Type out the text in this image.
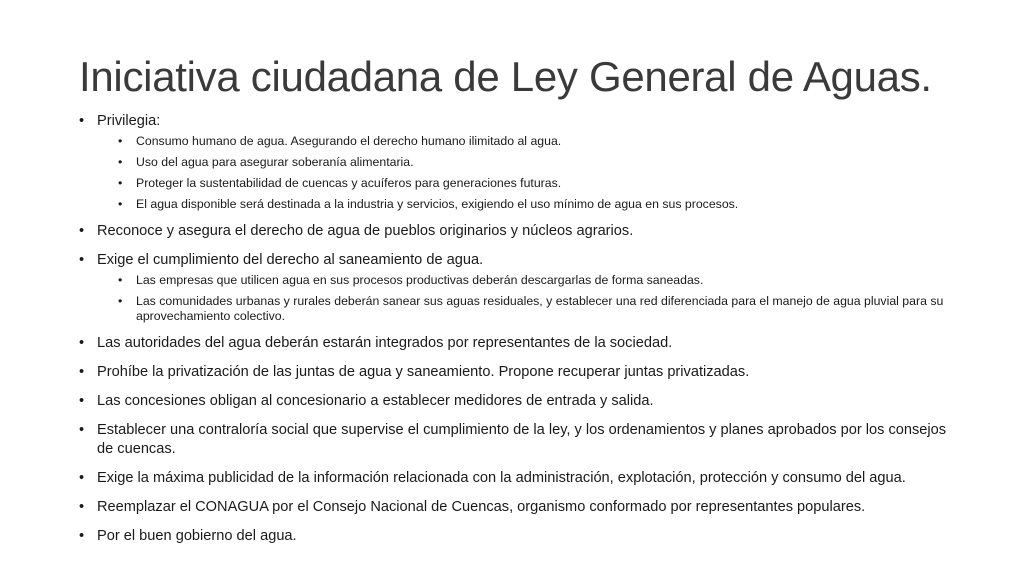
Iniciativa ciudadana de Ley General de Aguas.
• Privilegia:
• Consumo humano de agua. Asegurando el derecho humano ilimitado al agua.
• Uso del agua para asegurar soberanía alimentaria.
• Proteger la sustentabilidad de cuencas y acuíferos para generaciones futuras.
• El agua disponible será destinada a la industria y servicios, exigiendo el uso mínimo de agua en sus procesos.
• Reconoce y asegura el derecho de agua de pueblos originarios y núcleos agrarios.
• Exige el cumplimiento del derecho al saneamiento de agua.
• Las empresas que utilicen agua en sus procesos productivas deberán descargarlas de forma saneadas.
• Las comunidades urbanas y rurales deberán sanear sus aguas residuales, y establecer una red diferenciada para el manejo de agua pluvial para su aprovechamiento colectivo.
• Las autoridades del agua deberán estarán integrados por representantes de la sociedad.
• Prohíbe la privatización de las juntas de agua y saneamiento. Propone recuperar juntas privatizadas.
• Las concesiones obligan al concesionario a establecer medidores de entrada y salida.
• Establecer una contraloría social que supervise el cumplimiento de la ley, y los ordenamientos y planes aprobados por los consejos de cuencas.
• Exige la máxima publicidad de la información relacionada con la administración, explotación, protección y consumo del agua.
• Reemplazar el CONAGUA por el Consejo Nacional de Cuencas, organismo conformado por representantes populares.
• Por el buen gobierno del agua.
